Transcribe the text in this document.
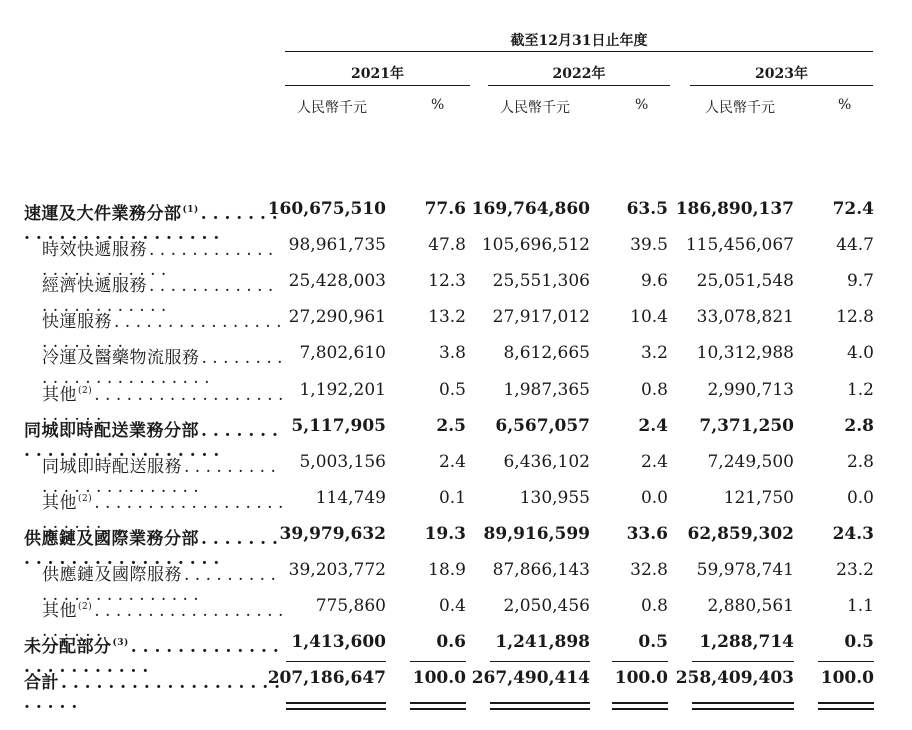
截至12月31日止年度
2021年	2022年	2023年
人民幣千元	%	人民幣千元	%	人民幣千元	%
速運及大件業務分部$^{(1)}$ . . . . . . . . . . . . . . . . . . . . . . . .
160,675,510 77.6 169,764,860 63.5 186,890,137 72.4
時效快遞服務 . . . . . . . . . . . . . . . . . . . . . . . .
98,961,735 47.8 105,696,512 39.5 115,456,067 44.7
經濟快遞服務 . . . . . . . . . . . . . . . . . . . . . . . .
25,428,003 12.3 25,551,306	9.6 25,051,548	9.7
快運服務 . . . . . . . . . . . . . . . . . . . . . . . .
27,290,961 13.2 27,917,012 10.4 33,078,821 12.8
冷運及醫藥物流服務 . . . . . . . . . . . . . . . . . . . . . . . .
7,802,610	3.8 8,612,665	3.2 10,312,988	4.0
其他$^{(2)}$ . . . . . . . . . . . . . . . . . . . . . . . .
1,192,201	0.5 1,987,365	0.8 2,990,713	1.2
同城即時配送業務分部 . . . . . . . . . . . . . . . . . . . . . . . .
5,117,905	2.5 6,567,057	2.4 7,371,250	2.8
同城即時配送服務 . . . . . . . . . . . . . . . . . . . . . . . .
5,003,156	2.4 6,436,102	2.4 7,249,500	2.8
其他$^{(2)}$ . . . . . . . . . . . . . . . . . . . . . . . .
114,749	0.1	130,955	0.0	121,750	0.0
供應鏈及國際業務分部 . . . . . . . . . . . . . . . . . . . . . . . .
39,979,632 19.3 89,916,599 33.6 62,859,302 24.3
供應鏈及國際服務 . . . . . . . . . . . . . . . . . . . . . . . .
39,203,772 18.9 87,866,143 32.8 59,978,741 23.2
其他$^{(2)}$ . . . . . . . . . . . . . . . . . . . . . . . .
775,860	0.4 2,050,456	0.8 2,880,561	1.1
未分配部分$^{(3)}$ . . . . . . . . . . . . . . . . . . . . . . . .
1,413,600	0.6 1,241,898	0.5 1,288,714	0.5
合計 . . . . . . . . . . . . . . . . . . . . . . . .
207,186,647 100.0 267,490,414 100.0 258,409,403 100.0
